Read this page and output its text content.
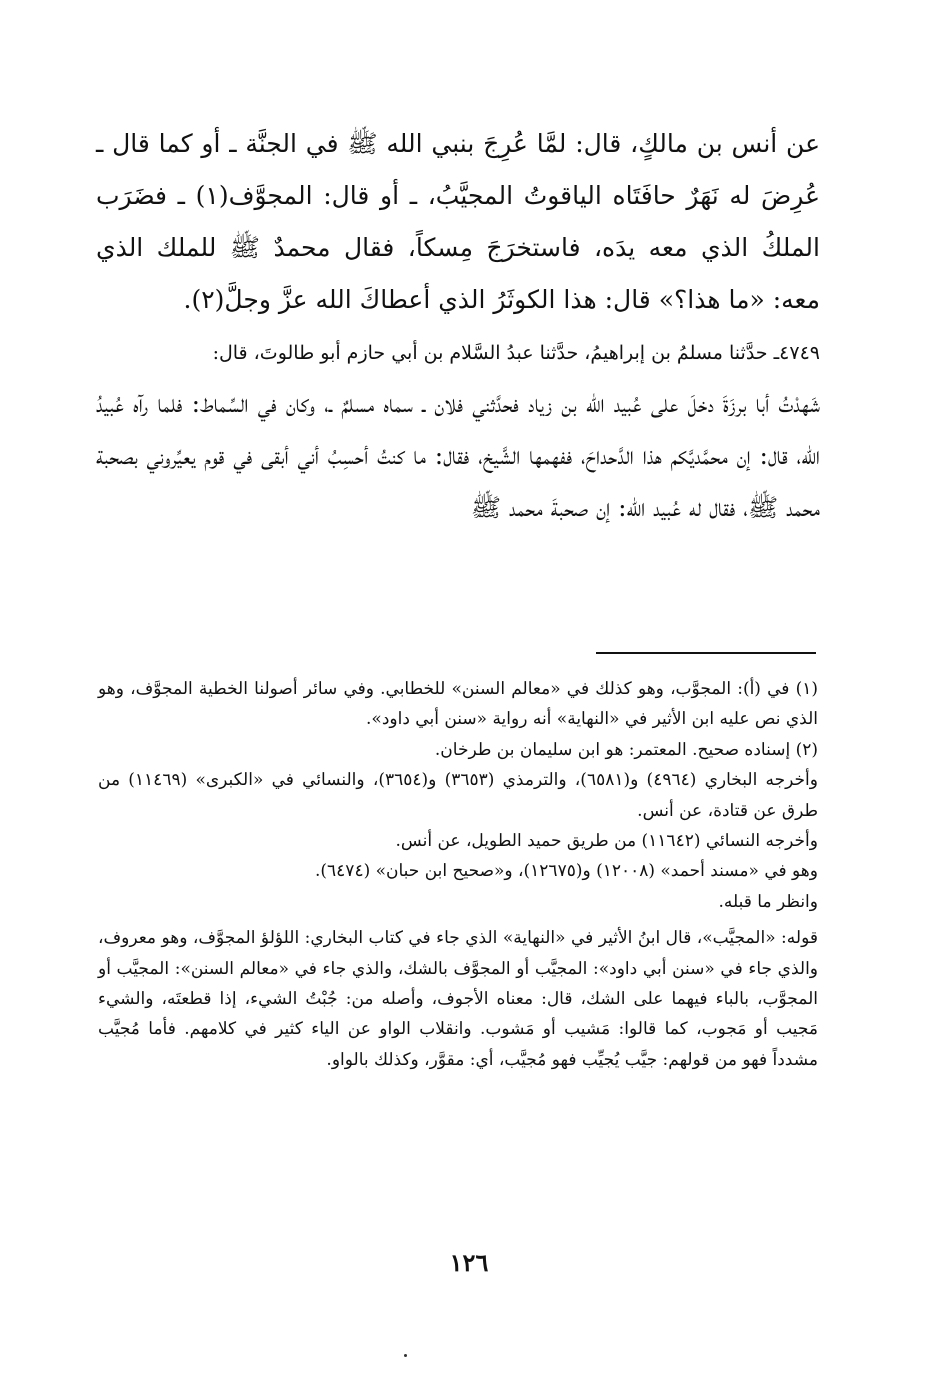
عن أنس بن مالكٍ، قال: لمَّا عُرِجَ بنبي الله ﷺ في الجنَّة ـ أو كما قال ـ عُرِضَ له نَهَرٌ حافَتَاه الياقوتُ المجيَّبُ، ـ أو قال: المجوَّف(١) ـ فضَرَب الملكُ الذي معه يدَه، فاستخرَجَ مِسكاً، فقال محمدٌ ﷺ للملك الذي معه: «ما هذا؟» قال: هذا الكوثَرُ الذي أعطاكَ الله عزَّ وجلَّ(٢).

٤٧٤٩ـ حدَّثنا مسلمُ بن إبراهيمُ، حدَّثنا عبدُ السَّلام بن أبي حازم أبو طالوتَ، قال:

شَهدْتُ أبا برزَةَ دخلَ على عُبيد الله بن زياد فحدَّثني فلان ـ سماه مسلمٌ ـ، وكان في السِّماط: فلما رآه عُبيدُ الله، قال: إن محمَّديَّكم هذا الدَّحداحَ، ففهمها الشَّيخ، فقال: ما كنتُ أحسِبُ أني أبقى في قوم يعيِّروني بصحبة محمد ﷺ، فقال له عُبيد الله: إن صحبةَ محمد ﷺ

(١) في (أ): المجوَّب، وهو كذلك في «معالم السنن» للخطابي. وفي سائر أصولنا الخطية المجوَّف، وهو الذي نص عليه ابن الأثير في «النهاية» أنه رواية «سنن أبي داود».

(٢) إسناده صحيح. المعتمر: هو ابن سليمان بن طرخان.

وأخرجه البخاري (٤٩٦٤) و(٦٥٨١)، والترمذي (٣٦٥٣) و(٣٦٥٤)، والنسائي في «الكبرى» (١١٤٦٩) من طرق عن قتادة، عن أنس.

وأخرجه النسائي (١١٦٤٢) من طريق حميد الطويل، عن أنس.

وهو في «مسند أحمد» (١٢٠٠٨) و(١٢٦٧٥)، و«صحيح ابن حبان» (٦٤٧٤).

وانظر ما قبله.

قوله: «المجيَّب»، قال ابنُ الأثير في «النهاية» الذي جاء في كتاب البخاري: اللؤلؤ المجوَّف، وهو معروف، والذي جاء في «سنن أبي داود»: المجيَّب أو المجوَّف بالشك، والذي جاء في «معالم السنن»: المجيَّب أو المجوَّب، بالباء فيهما على الشك، قال: معناه الأجوف، وأصله من: جُبْتُ الشيء، إذا قطعتَه، والشيء مَجيب أو مَجوب، كما قالوا: مَشيب أو مَشوب. وانقلاب الواو عن الياء كثير في كلامهم. فأما مُجيَّب مشدداً فهو من قولهم: جيَّب يُجيِّب فهو مُجيَّب، أي: مقوَّر، وكذلك بالواو.

١٢٦
